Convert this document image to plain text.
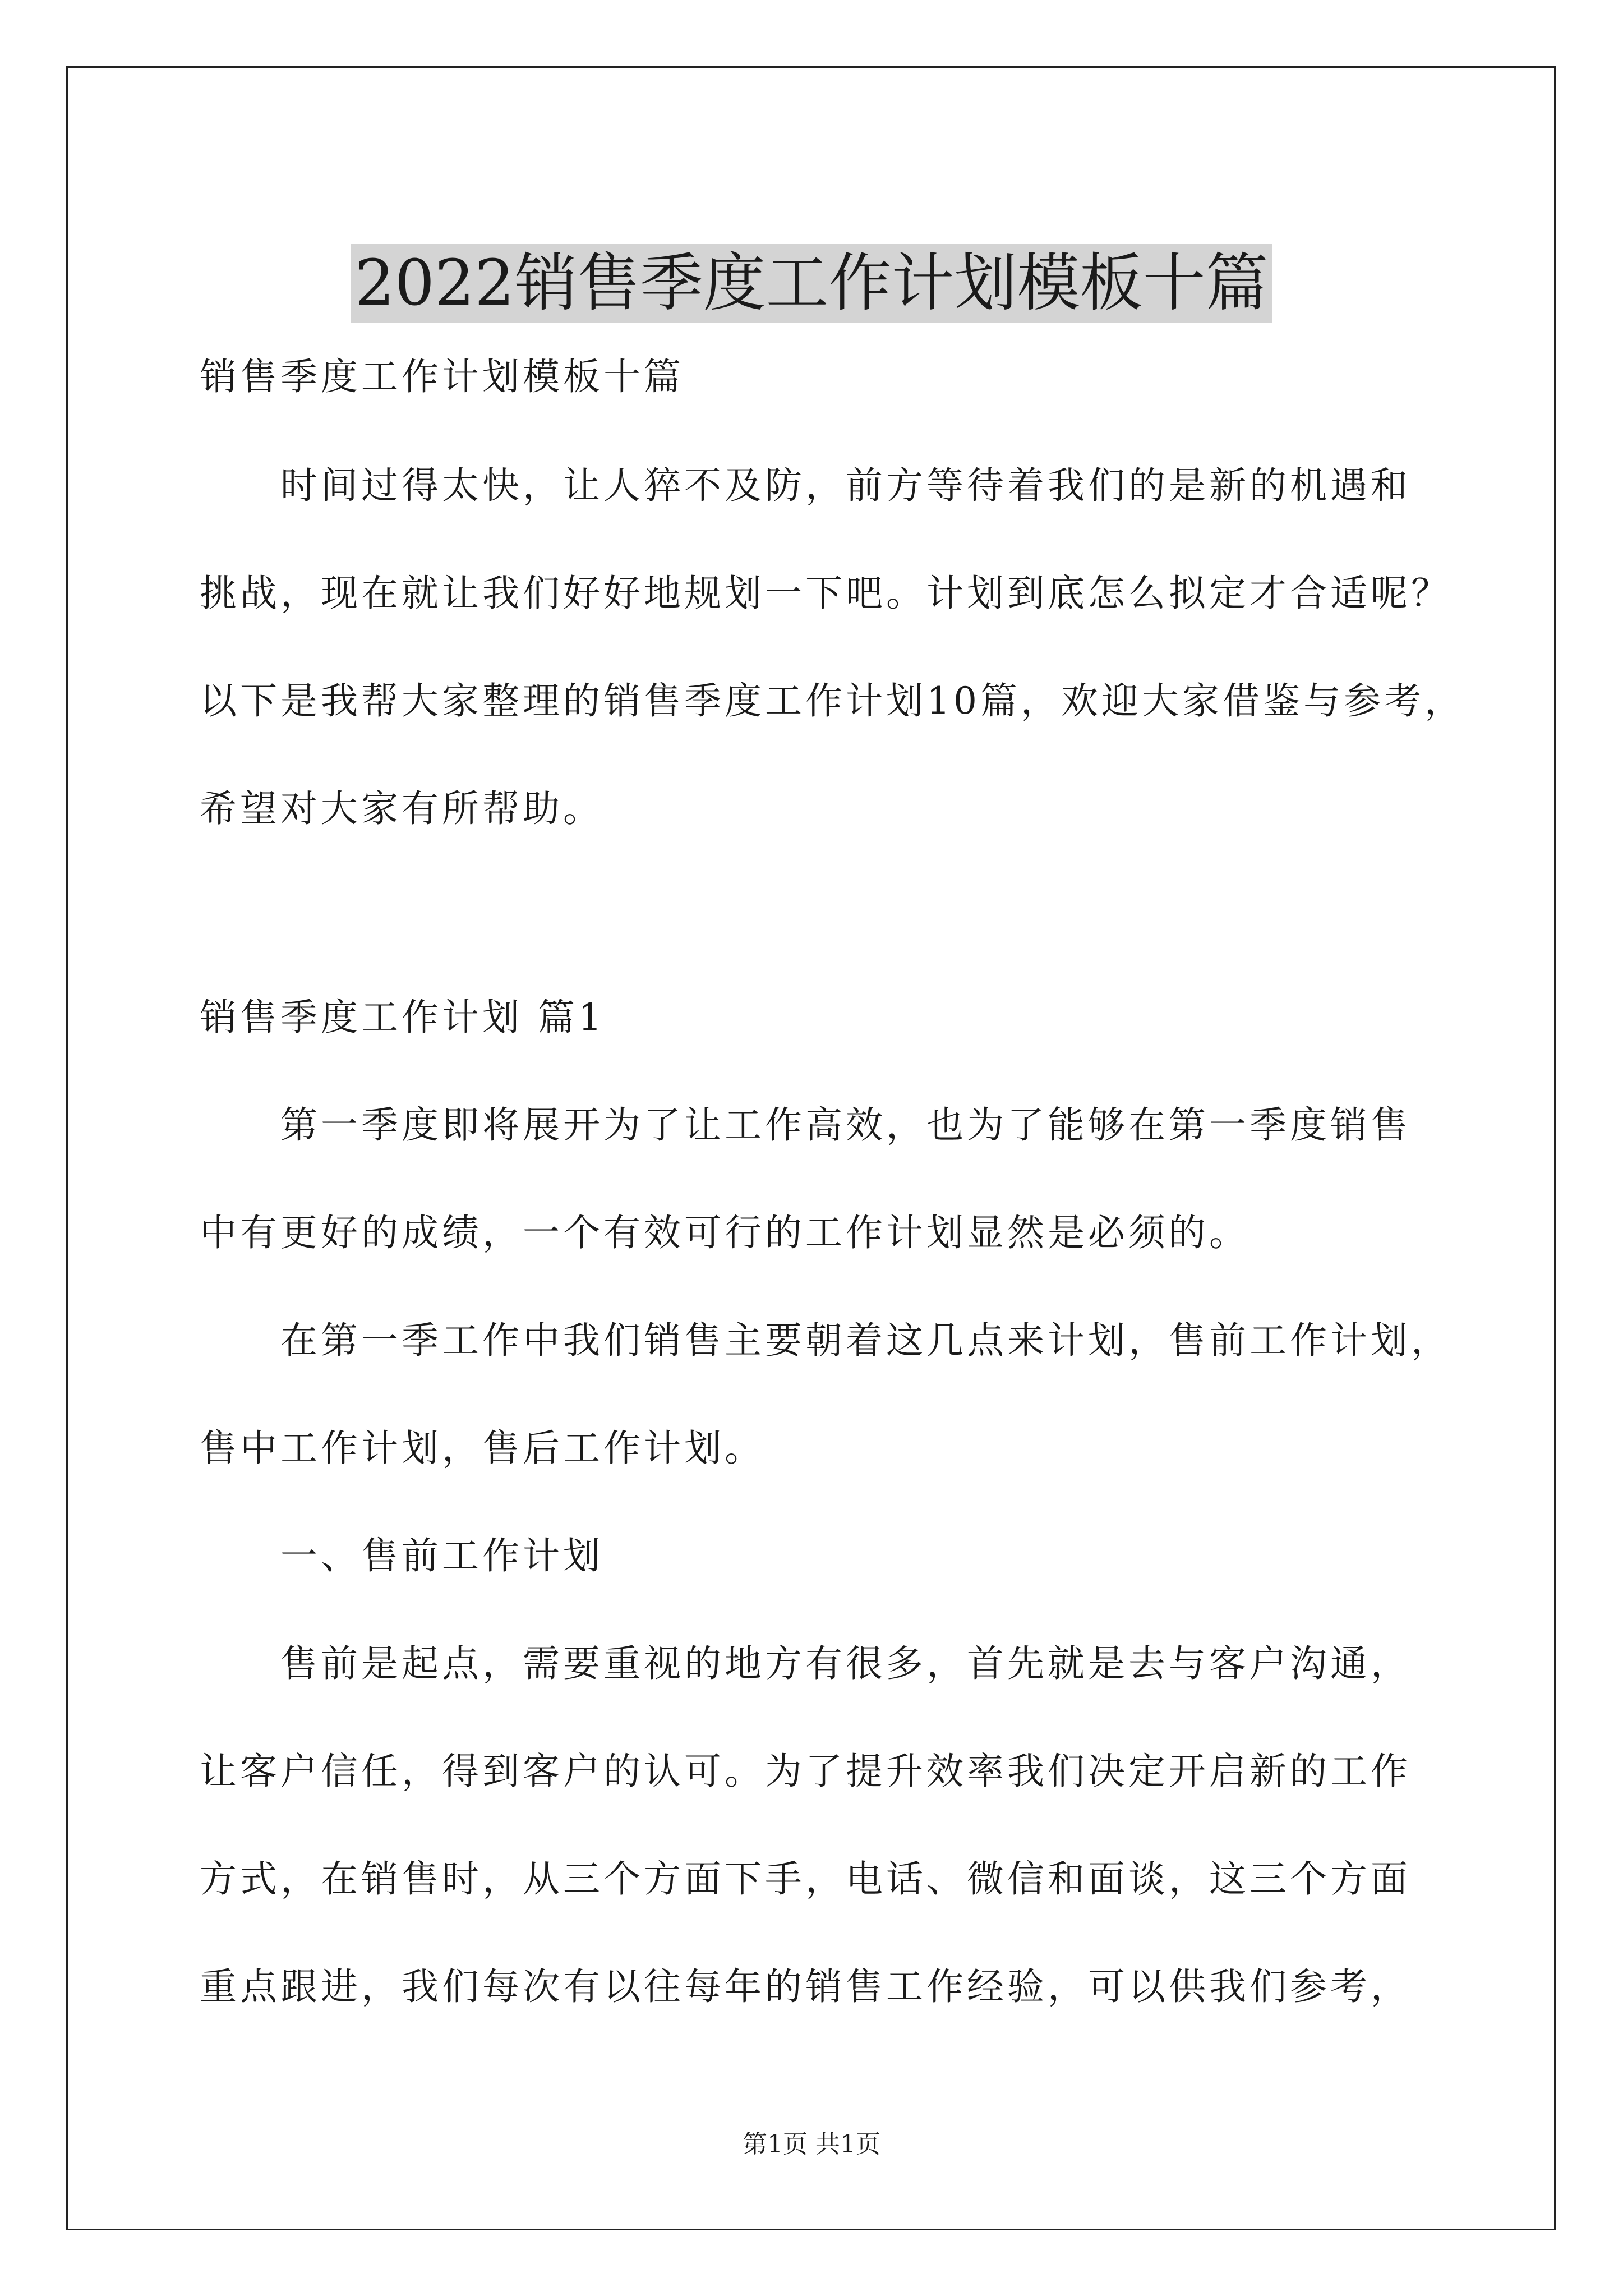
2022销售季度工作计划模板十篇
销售季度工作计划模板十篇
时间过得太快，让人猝不及防，前方等待着我们的是新的机遇和
挑战，现在就让我们好好地规划一下吧。计划到底怎么拟定才合适呢？
以下是我帮大家整理的销售季度工作计划10篇，欢迎大家借鉴与参考，
希望对大家有所帮助。
销售季度工作计划 篇1
第一季度即将展开为了让工作高效，也为了能够在第一季度销售
中有更好的成绩，一个有效可行的工作计划显然是必须的。
在第一季工作中我们销售主要朝着这几点来计划，售前工作计划，
售中工作计划，售后工作计划。
一、售前工作计划
售前是起点，需要重视的地方有很多，首先就是去与客户沟通，
让客户信任，得到客户的认可。为了提升效率我们决定开启新的工作
方式，在销售时，从三个方面下手，电话、微信和面谈，这三个方面
重点跟进，我们每次有以往每年的销售工作经验，可以供我们参考，
第1页 共1页
